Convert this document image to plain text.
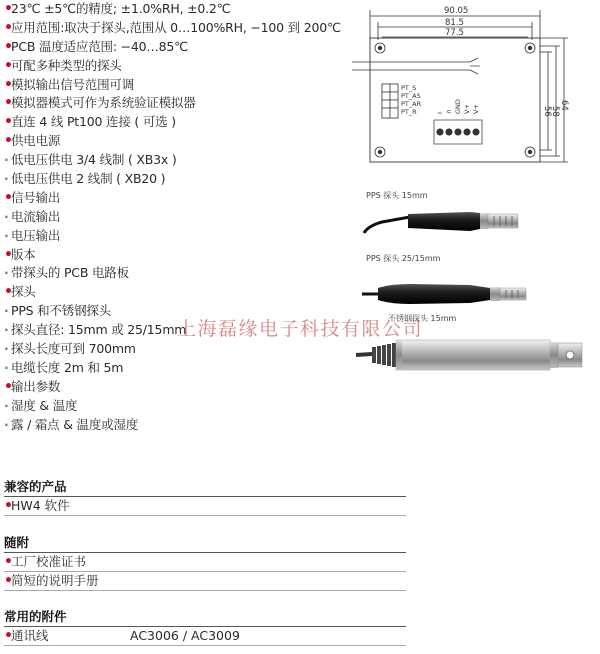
•23℃ ±5℃的精度; ±1.0%RH, ±0.2℃
•应用范围:取决于探头,范围从 0…100%RH, −100 到 200℃
•PCB 温度适应范围: −40…85℃
•可配多种类型的探头
•模拟输出信号范围可调
•模拟器模式可作为系统验证模拟器
•直连 4 线 Pt100 连接 ( 可选 )
•供电电源
· 低电压供电 3/4 线制 ( XB3x )
· 低电压供电 2 线制 ( XB20 )
•信号输出
· 电流输出
· 电压输出
•版本
· 带探头的 PCB 电路板
•探头
· PPS 和不锈钢探头
· 探头直径: 15mm 或 25/15mm
· 探头长度可到 700mm
· 电缆长度 2m 和 5m
•输出参数
· 湿度 & 温度
· 露 / 霜点 & 温度或湿度
兼容的产品
•HW4 软件
随附
•工厂校准证书
•简短的说明手册
常用的附件
•通讯线	AC3006 / AC3009
PT_S
PT_AS
PT_AR
PT_R	I ∩ GND V+ V+
90.05
81.5
77.5
56
58
64
PPS 探头 15mm
PPS 探头 25/15mm
不锈钢探头 15mm
上海磊缘电子科技有限公司
